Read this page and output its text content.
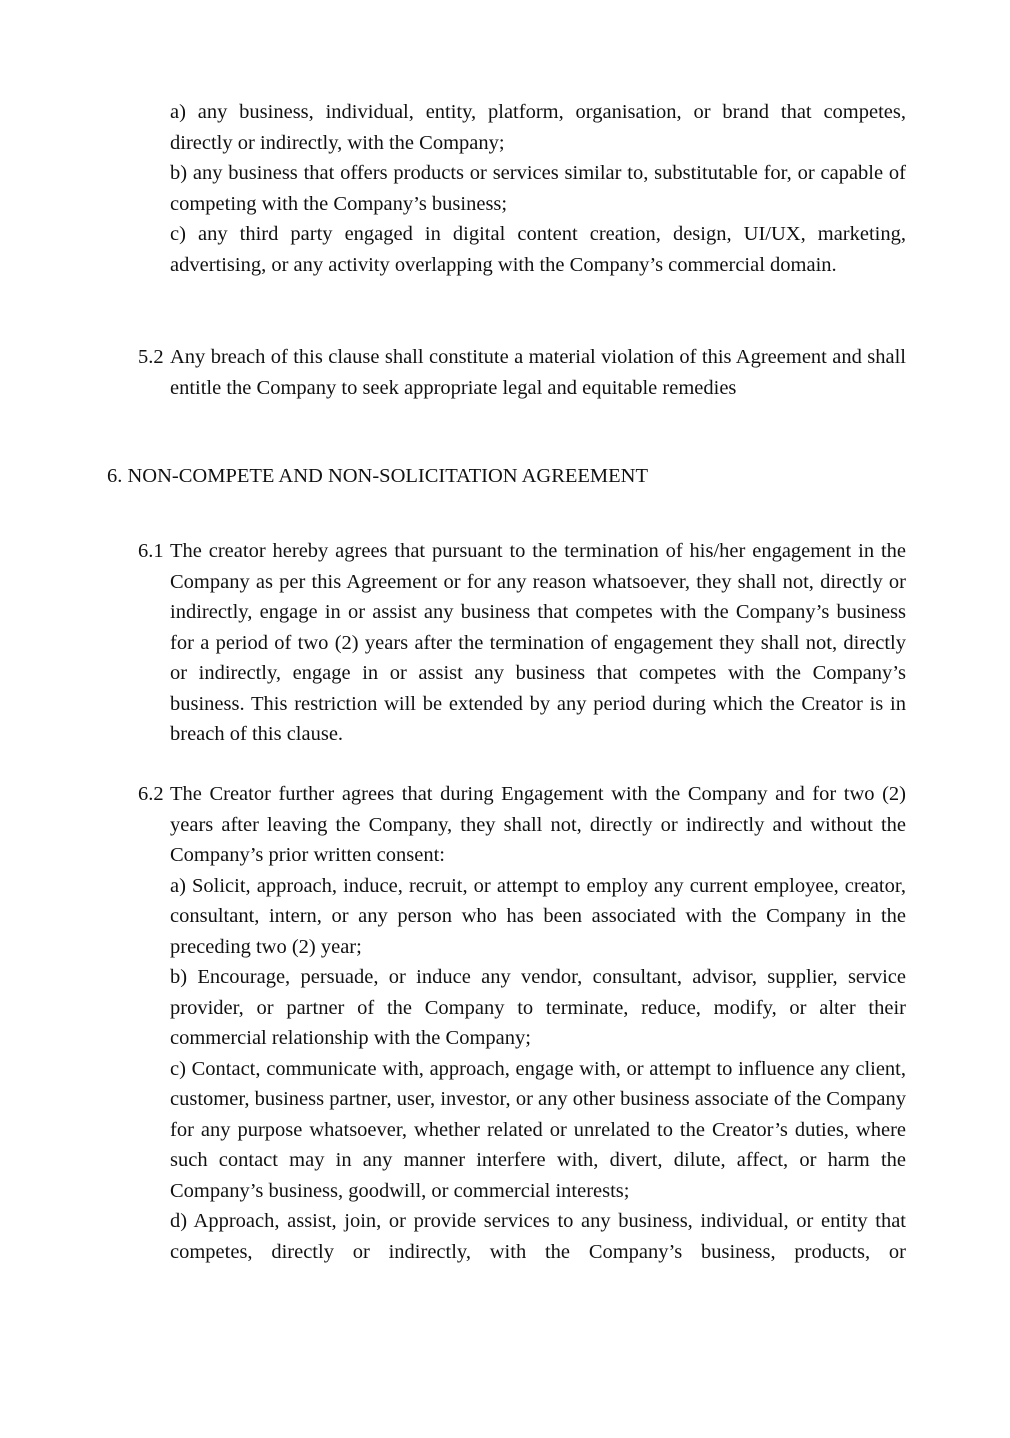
a) any business, individual, entity, platform, organisation, or brand that competes, directly or indirectly, with the Company;

b) any business that offers products or services similar to, substitutable for, or capable of competing with the Company’s business;

c) any third party engaged in digital content creation, design, UI/UX, marketing, advertising, or any activity overlapping with the Company’s commercial domain.

5.2 Any breach of this clause shall constitute a material violation of this Agreement and shall entitle the Company to seek appropriate legal and equitable remedies

6. NON-COMPETE AND NON-SOLICITATION AGREEMENT
6.1 The creator hereby agrees that pursuant to the termination of his/her engagement in the Company as per this Agreement or for any reason whatsoever, they shall not, directly or indirectly, engage in or assist any business that competes with the Company’s business for a period of two (2) years after the termination of engagement they shall not, directly or indirectly, engage in or assist any business that competes with the Company’s business. This restriction will be extended by any period during which the Creator is in breach of this clause.

6.2 The Creator further agrees that during Engagement with the Company and for two (2) years after leaving the Company, they shall not, directly or indirectly and without the Company’s prior written consent:

a) Solicit, approach, induce, recruit, or attempt to employ any current employee, creator, consultant, intern, or any person who has been associated with the Company in the preceding two (2) year;

b) Encourage, persuade, or induce any vendor, consultant, advisor, supplier, service provider, or partner of the Company to terminate, reduce, modify, or alter their commercial relationship with the Company;

c) Contact, communicate with, approach, engage with, or attempt to influence any client, customer, business partner, user, investor, or any other business associate of the Company for any purpose whatsoever, whether related or unrelated to the Creator’s duties, where such contact may in any manner interfere with, divert, dilute, affect, or harm the Company’s business, goodwill, or commercial interests;

d) Approach, assist, join, or provide services to any business, individual, or entity that competes, directly or indirectly, with the Company’s business, products, or
